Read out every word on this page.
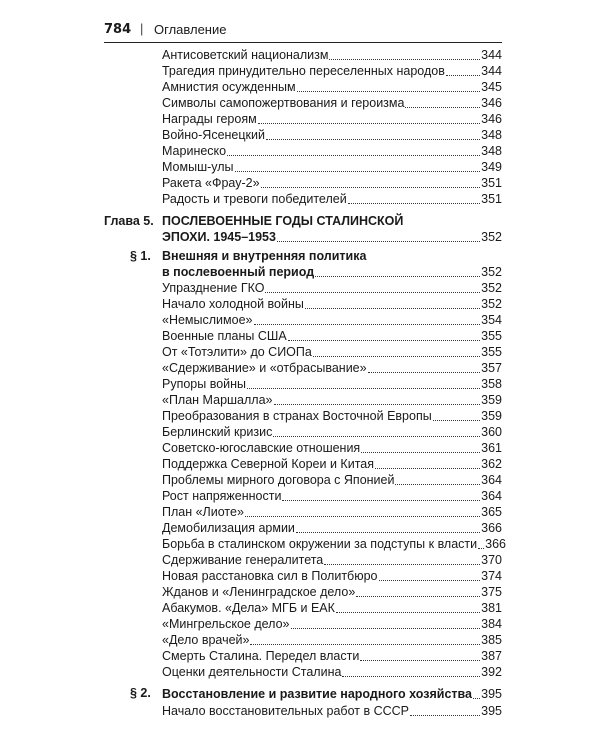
784 | Оглавление
Антисоветский национализм	344
Трагедия принудительно переселенных народов	344
Амнистия осужденным	345
Символы самопожертвования и героизма	346
Награды героям	346
Войно-Ясенецкий	348
Маринеско	348
Момыш-улы	349
Ракета «Фрау-2»	351
Радость и тревоги победителей	351
Глава 5. ПОСЛЕВОЕННЫЕ ГОДЫ СТАЛИНСКОЙ
ЭПОХИ. 1945–1953	352
§ 1. Внешняя и внутренняя политика
в послевоенный период	352
Упразднение ГКО	352
Начало холодной войны	352
«Немыслимое»	354
Военные планы США	355
От «Тотэлити» до СИОПа	355
«Сдерживание» и «отбрасывание»	357
Рупоры войны	358
«План Маршалла»	359
Преобразования в странах Восточной Европы	359
Берлинский кризис	360
Советско-югославские отношения	361
Поддержка Северной Кореи и Китая	362
Проблемы мирного договора с Японией	364
Рост напряженности	364
План «Лиоте»	365
Демобилизация армии	366
Борьба в сталинском окружении за подступы к власти 366
Сдерживание генералитета	370
Новая расстановка сил в Политбюро	374
Жданов и «Ленинградское дело»	375
Абакумов. «Дела» МГБ и ЕАК	381
«Мингрельское дело»	384
«Дело врачей»	385
Смерть Сталина. Передел власти	387
Оценки деятельности Сталина	392
§ 2. Восстановление и развитие народного хозяйства 395
Начало восстановительных работ в СССР	395
